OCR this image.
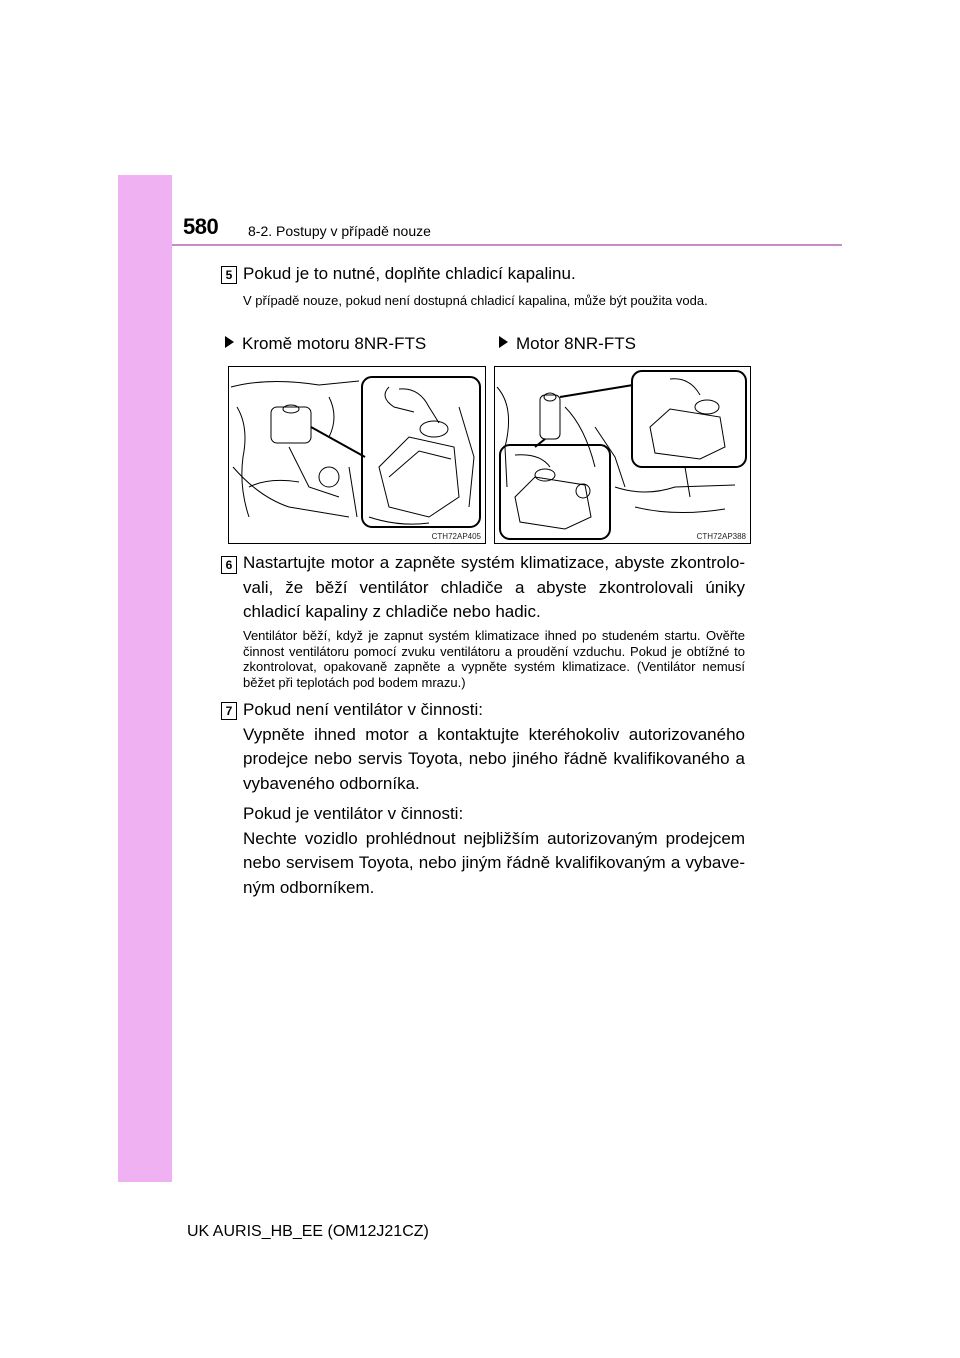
580 8-2. Postupy v případě nouze
5 Pokud je to nutné, doplňte chladicí kapalinu.
V případě nouze, pokud není dostupná chladicí kapalina, může být použita voda.
Kromě motoru 8NR-FTS	Motor 8NR-FTS
CTH72AP405	CTH72AP388
6 Nastartujte motor a zapněte systém klimatizace, abyste zkontrolovali, že běží ventilátor chladiče a abyste zkontrolovali úniky chladicí kapaliny z chladiče nebo hadic.
Ventilátor běží, když je zapnut systém klimatizace ihned po studeném startu. Ověřte činnost ventilátoru pomocí zvuku ventilátoru a proudění vzduchu. Pokud je obtížné to zkontrolovat, opakovaně zapněte a vypněte systém klimatizace. (Ventilátor nemusí běžet při teplotách pod bodem mrazu.)
7 Pokud není ventilátor v činnosti:
Vypněte ihned motor a kontaktujte kteréhokoliv autorizovaného prodejce nebo servis Toyota, nebo jiného řádně kvalifikovaného a vybaveného odborníka.
Pokud je ventilátor v činnosti:
Nechte vozidlo prohlédnout nejbližším autorizovaným prodejcem nebo servisem Toyota, nebo jiným řádně kvalifikovaným a vybaveným odborníkem.
UK AURIS_HB_EE (OM12J21CZ)
